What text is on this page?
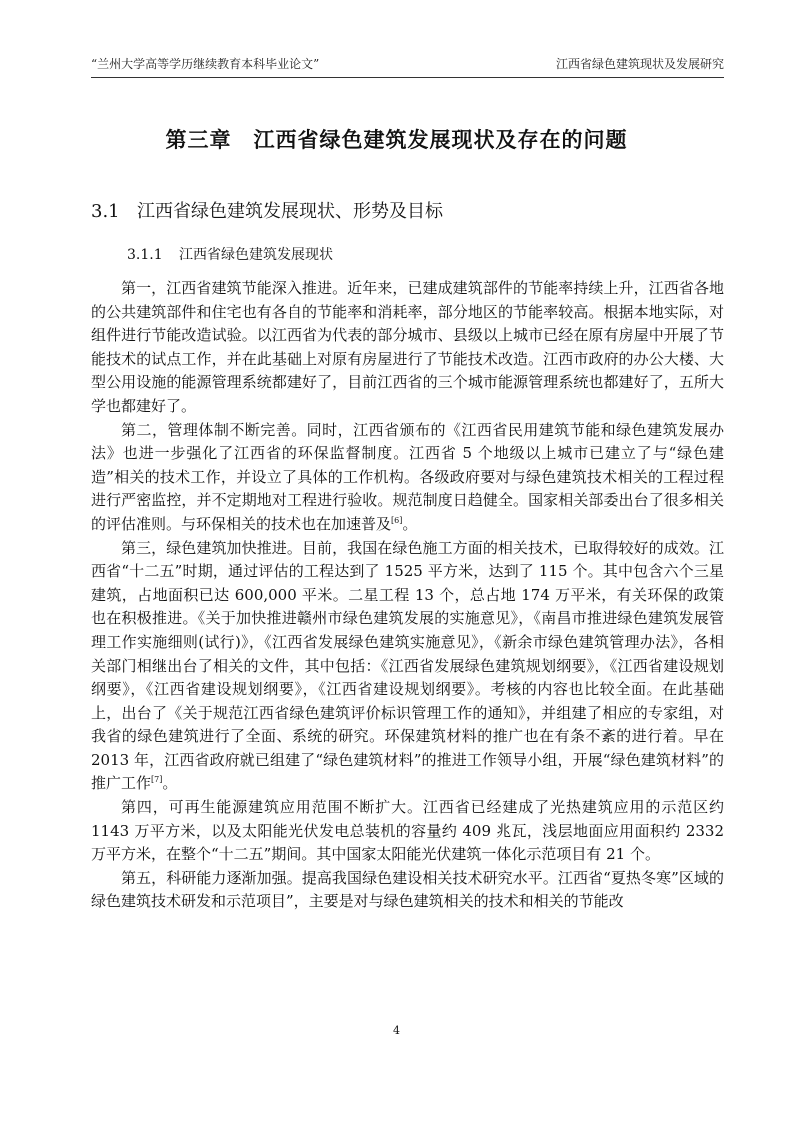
“兰州大学高等学历继续教育本科毕业论文”	江西省绿色建筑现状及发展研究
第三章　江西省绿色建筑发展现状及存在的问题
3.1 江西省绿色建筑发展现状、形势及目标
3.1.1 江西省绿色建筑发展现状

第一，江西省建筑节能深入推进。近年来，已建成建筑部件的节能率持续上升，江西省各地的公共建筑部件和住宅也有各自的节能率和消耗率，部分地区的节能率较高。根据本地实际，对组件进行节能改造试验。以江西省为代表的部分城市、县级以上城市已经在原有房屋中开展了节能技术的试点工作，并在此基础上对原有房屋进行了节能技术改造。江西市政府的办公大楼、大型公用设施的能源管理系统都建好了，目前江西省的三个城市能源管理系统也都建好了，五所大学也都建好了。

第二，管理体制不断完善。同时，江西省颁布的《江西省民用建筑节能和绿色建筑发展办法》也进一步强化了江西省的环保监督制度。江西省 5 个地级以上城市已建立了与“绿色建造”相关的技术工作，并设立了具体的工作机构。各级政府要对与绿色建筑技术相关的工程过程进行严密监控，并不定期地对工程进行验收。规范制度日趋健全。国家相关部委出台了很多相关的评估准则。与环保相关的技术也在加速普及[6]。

第三，绿色建筑加快推进。目前，我国在绿色施工方面的相关技术，已取得较好的成效。江西省“十二五”时期，通过评估的工程达到了 1525 平方米，达到了 115 个。其中包含六个三星建筑，占地面积已达 600,000 平米。二星工程 13 个，总占地 174 万平米，有关环保的政策也在积极推进。《关于加快推进赣州市绿色建筑发展的实施意见》，《南昌市推进绿色建筑发展管理工作实施细则(试行)》，《江西省发展绿色建筑实施意见》，《新余市绿色建筑管理办法》，各相关部门相继出台了相关的文件，其中包括：《江西省发展绿色建筑规划纲要》，《江西省建设规划纲要》，《江西省建设规划纲要》，《江西省建设规划纲要》。考核的内容也比较全面。在此基础上，出台了《关于规范江西省绿色建筑评价标识管理工作的通知》，并组建了相应的专家组，对我省的绿色建筑进行了全面、系统的研究。环保建筑材料的推广也在有条不紊的进行着。早在 2013 年，江西省政府就已组建了“绿色建筑材料”的推进工作领导小组，开展“绿色建筑材料”的推广工作[7]。

第四，可再生能源建筑应用范围不断扩大。江西省已经建成了光热建筑应用的示范区约 1143 万平方米，以及太阳能光伏发电总装机的容量约 409 兆瓦，浅层地面应用面积约 2332 万平方米，在整个“十二五”期间。其中国家太阳能光伏建筑一体化示范项目有 21 个。

第五，科研能力逐渐加强。提高我国绿色建设相关技术研究水平。江西省“夏热冬寒”区域的绿色建筑技术研发和示范项目”，主要是对与绿色建筑相关的技术和相关的节能改

4
